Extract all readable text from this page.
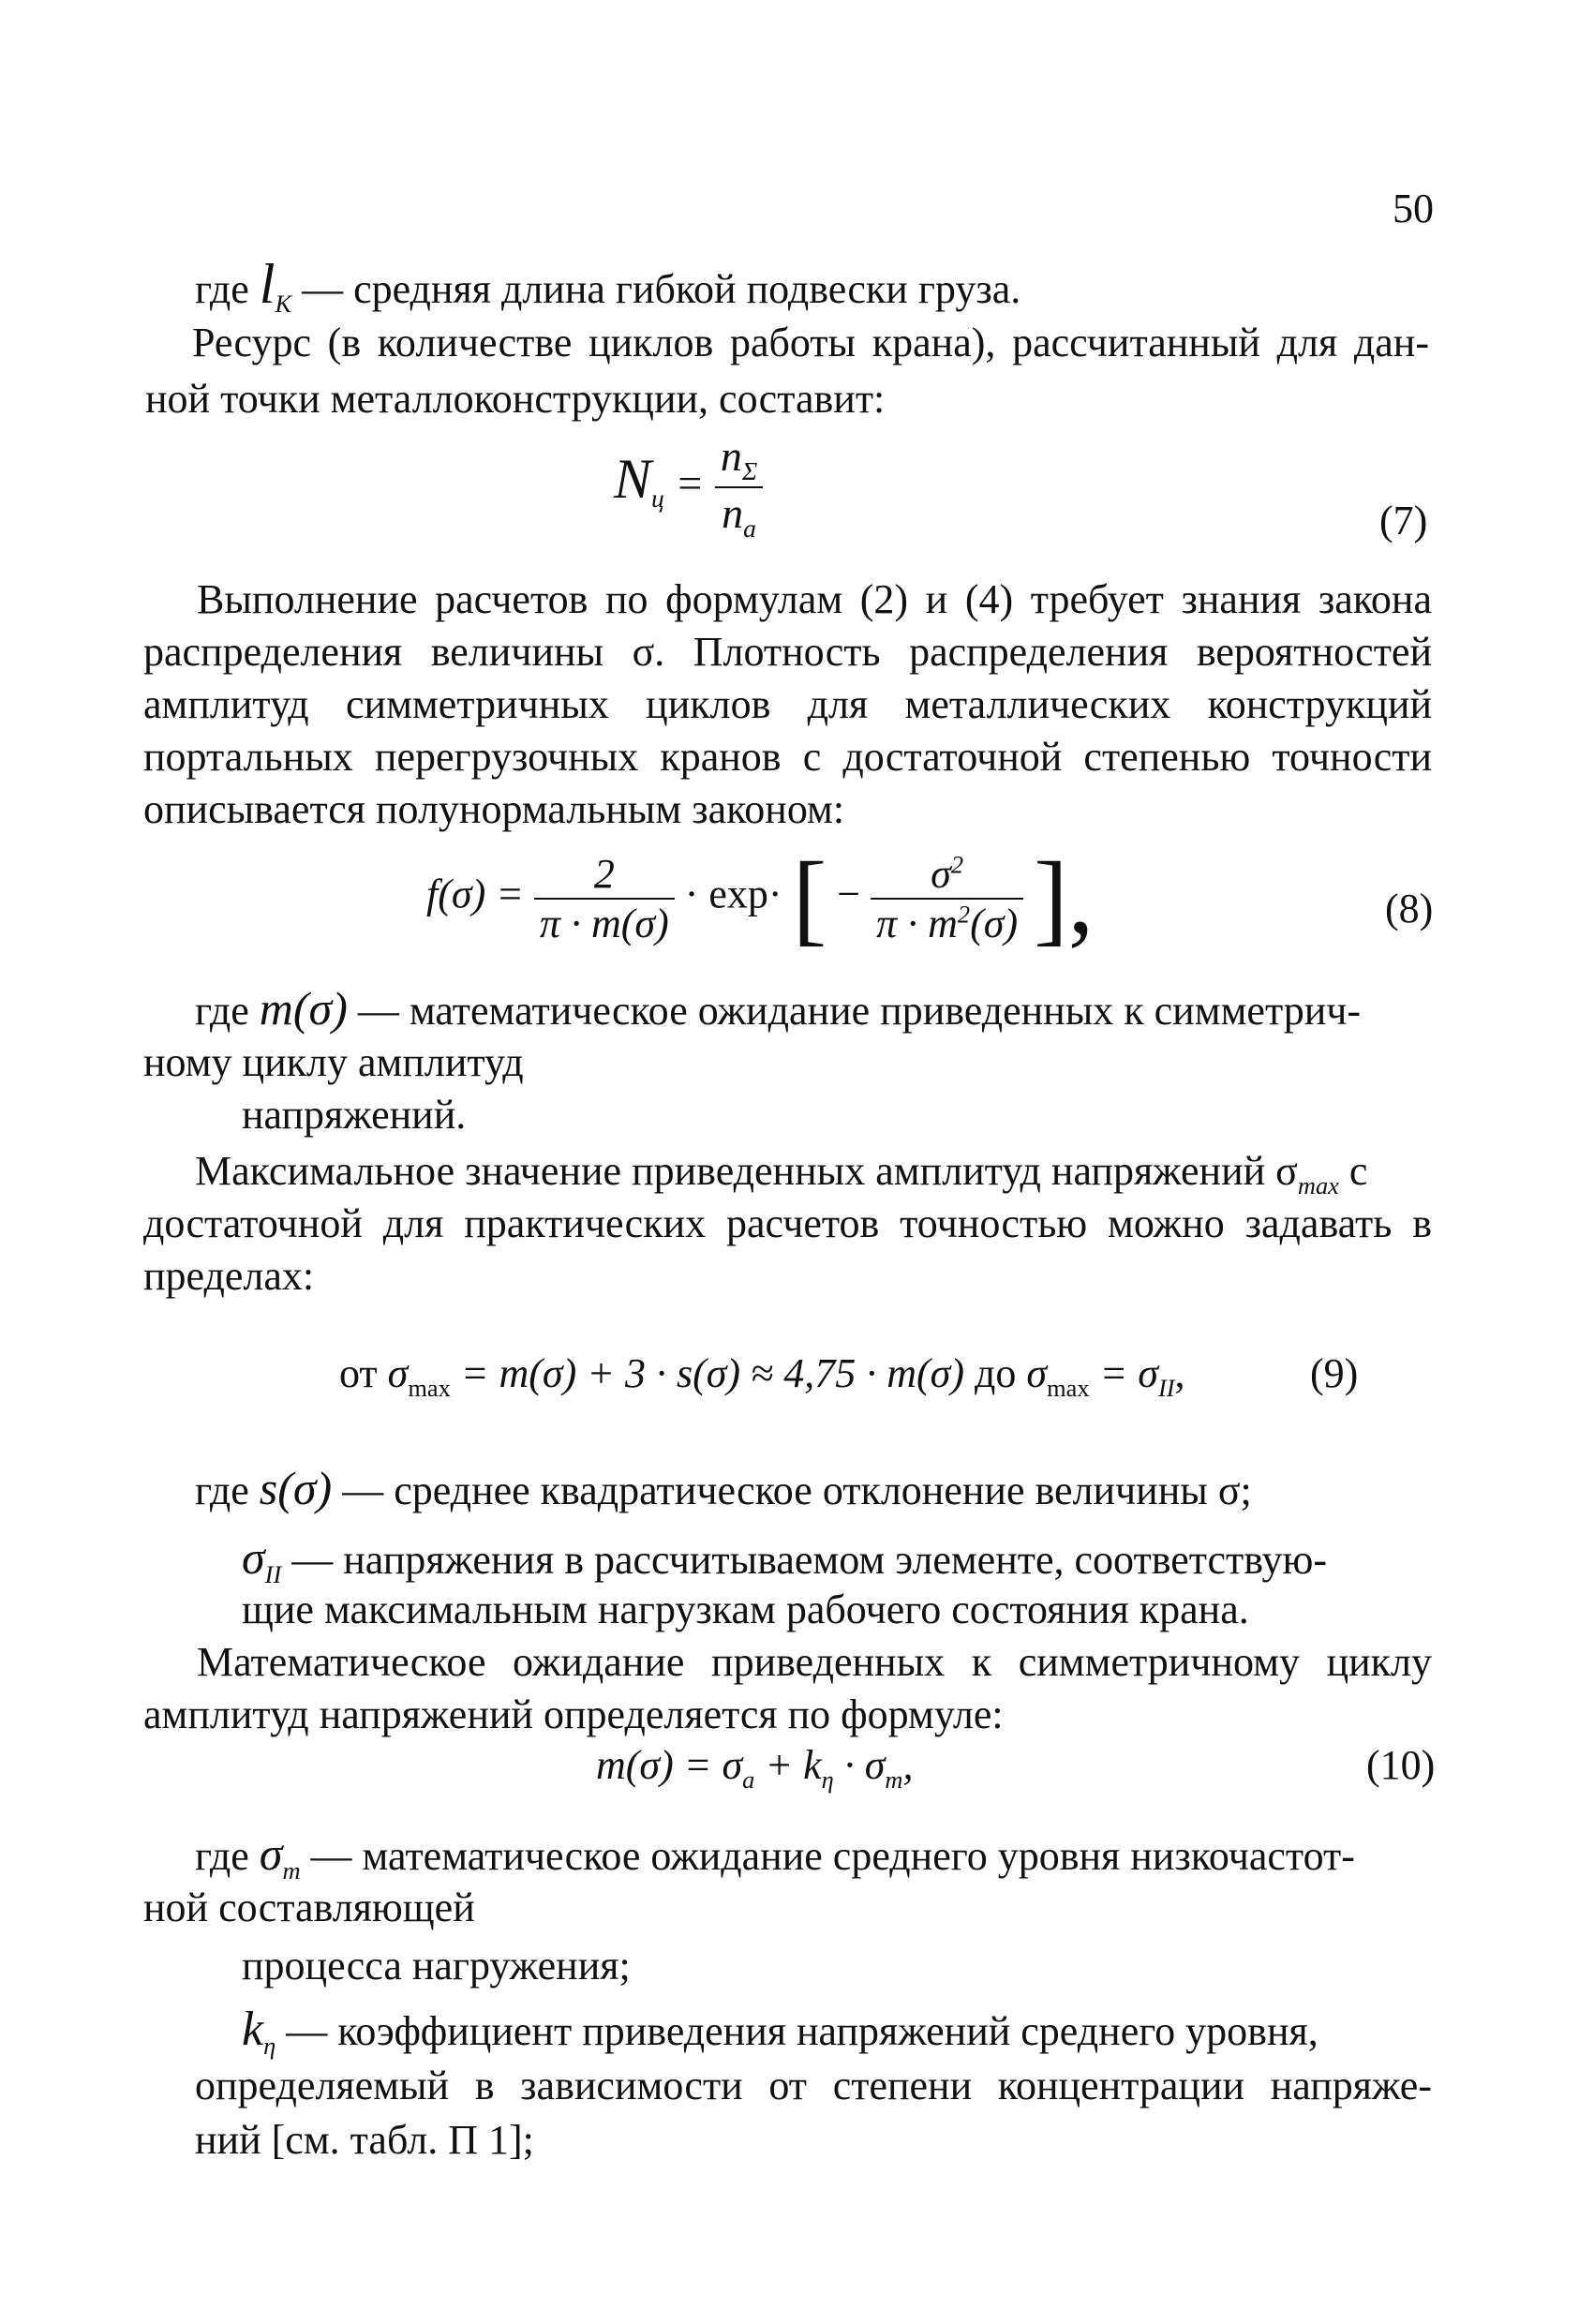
50
где $l_K$ — средняя длина гибкой подвески груза.
Ресурс (в количестве циклов работы крана), рассчитанный для дан-
ной точки металлоконструкции, составит:
$N_ц = \frac{n_\Sigma}{n_a}$	(7)
Выполнение расчетов по формулам (2) и (4) требует знания закона
распределения величины σ. Плотность распределения вероятностей
амплитуд симметричных циклов для металлических конструкций
портальных перегрузочных кранов с достаточной степенью точности
описывается полунормальным законом:
$f(\sigma) = \frac{2}{\pi \cdot m(\sigma)} \cdot \exp\cdot$ [ − $\frac{\sigma^2}{\pi \cdot m^2(\sigma)}$ ],	(8)
где m(σ) — математическое ожидание приведенных к симметрич-
ному циклу амплитуд
напряжений.
Максимальное значение приведенных амплитуд напряжений $\sigma_{max}$ с
достаточной для практических расчетов точностью можно задавать в
пределах:
от $\sigma_{max} = m(\sigma) + 3 \cdot s(\sigma) \approx 4,75 \cdot m(\sigma)$ до $\sigma_{max} = \sigma_{II}$,	(9)
где s(σ) — среднее квадратическое отклонение величины σ;
$\sigma_{II}$ — напряжения в рассчитываемом элементе, соответствую-
щие максимальным нагрузкам рабочего состояния крана.
Математическое ожидание приведенных к симметричному циклу
амплитуд напряжений определяется по формуле:
$m(\sigma) = \sigma_a + k_\eta \cdot \sigma_m$,	(10)
где $\sigma_m$ — математическое ожидание среднего уровня низкочастот-
ной составляющей
процесса нагружения;
$k_\eta$ — коэффициент приведения напряжений среднего уровня,
определяемый в зависимости от степени концентрации напряже-
ний [см. табл. П 1];
